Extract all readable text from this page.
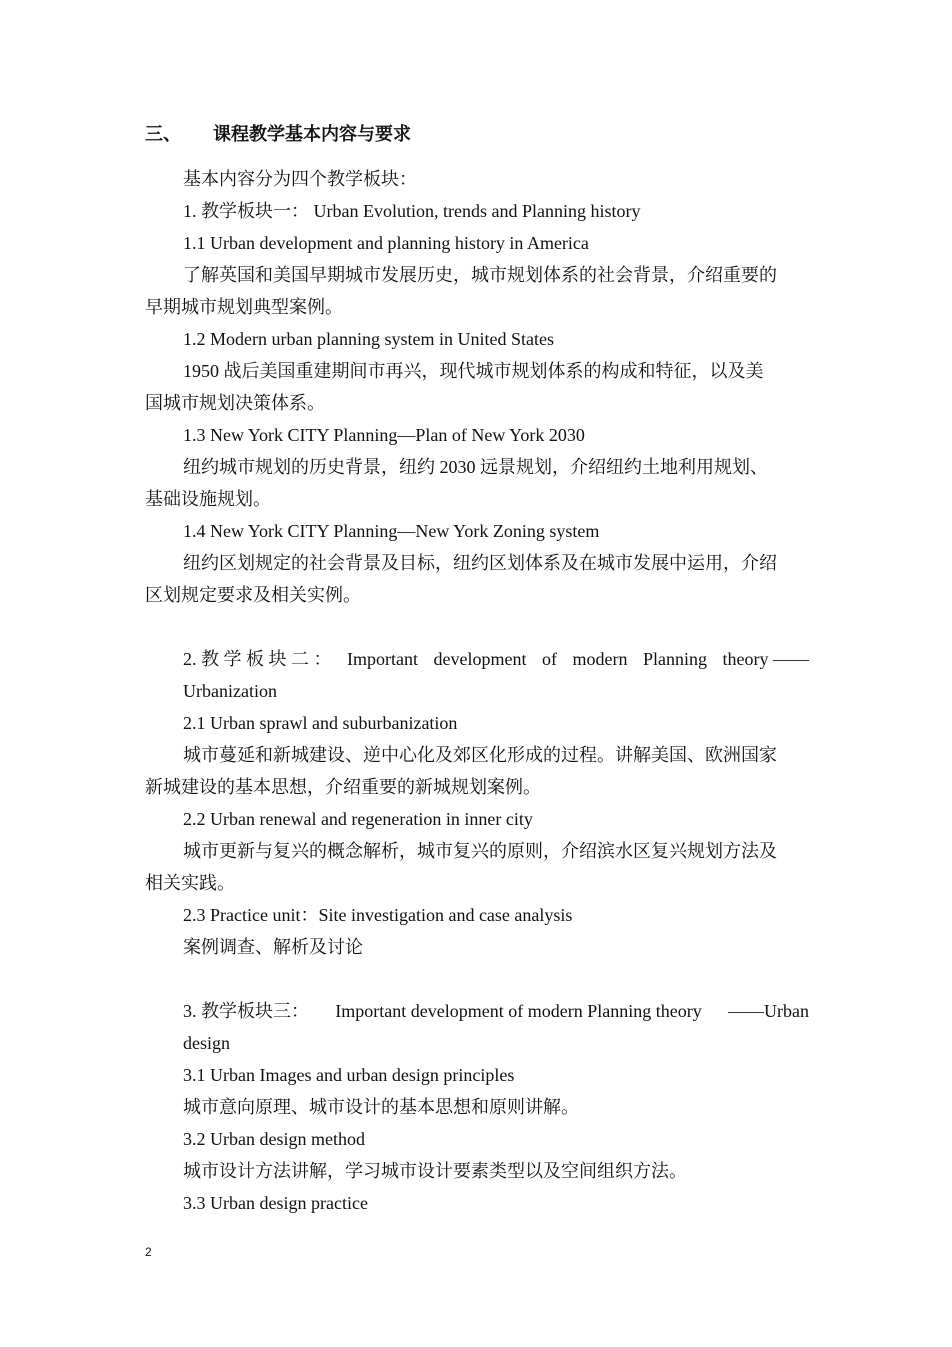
三、 课程教学基本内容与要求
基本内容分为四个教学板块：
1. 教学板块一： Urban Evolution, trends and Planning history
1.1 Urban development and planning history in America
了解英国和美国早期城市发展历史，城市规划体系的社会背景，介绍重要的
早期城市规划典型案例。
1.2 Modern urban planning system in United States
1950 战后美国重建期间市再兴，现代城市规划体系的构成和特征，以及美
国城市规划决策体系。
1.3 New York CITY Planning—Plan of New York 2030
纽约城市规划的历史背景，纽约 2030 远景规划，介绍纽约土地利用规划、
基础设施规划。
1.4 New York CITY Planning—New York Zoning system
纽约区划规定的社会背景及目标，纽约区划体系及在城市发展中运用，介绍
区划规定要求及相关实例。
2. 教 学 板 块 二 ： Important development of modern Planning theory ——
Urbanization
2.1 Urban sprawl and suburbanization
城市蔓延和新城建设、逆中心化及郊区化形成的过程。讲解美国、欧洲国家
新城建设的基本思想，介绍重要的新城规划案例。
2.2 Urban renewal and regeneration in inner city
城市更新与复兴的概念解析，城市复兴的原则，介绍滨水区复兴规划方法及
相关实践。
2.3 Practice unit：Site investigation and case analysis
案例调查、解析及讨论
3. 教学板块三： Important development of modern Planning theory ——Urban
design
3.1 Urban Images and urban design principles
城市意向原理、城市设计的基本思想和原则讲解。
3.2 Urban design method
城市设计方法讲解，学习城市设计要素类型以及空间组织方法。
3.3 Urban design practice
2
